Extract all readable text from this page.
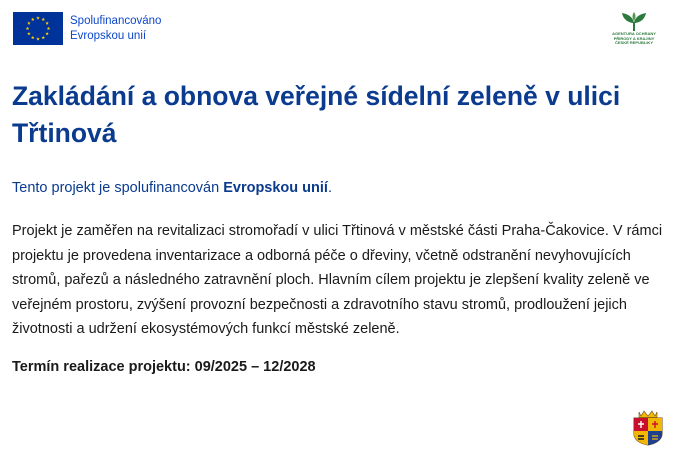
Spolufinancováno
Evropskou unií	AGENTURA OCHRANY
PŘÍRODY A KRAJINY
ČESKÉ REPUBLIKY
Zakládání a obnova veřejné sídelní zeleně v ulici Třtinová

Tento projekt je spolufinancován Evropskou unií.

Projekt je zaměřen na revitalizaci stromořadí v ulici Třtinová v městské části Praha-Čakovice. V rámci projektu je provedena inventarizace a odborná péče o dřeviny, včetně odstranění nevyhovujících stromů, pařezů a následného zatravnění ploch. Hlavním cílem projektu je zlepšení kvality zeleně ve veřejném prostoru, zvýšení provozní bezpečnosti a zdravotního stavu stromů, prodloužení jejich životnosti a udržení ekosystémových funkcí městské zeleně.

Termín realizace projektu: 09/2025 – 12/2028
